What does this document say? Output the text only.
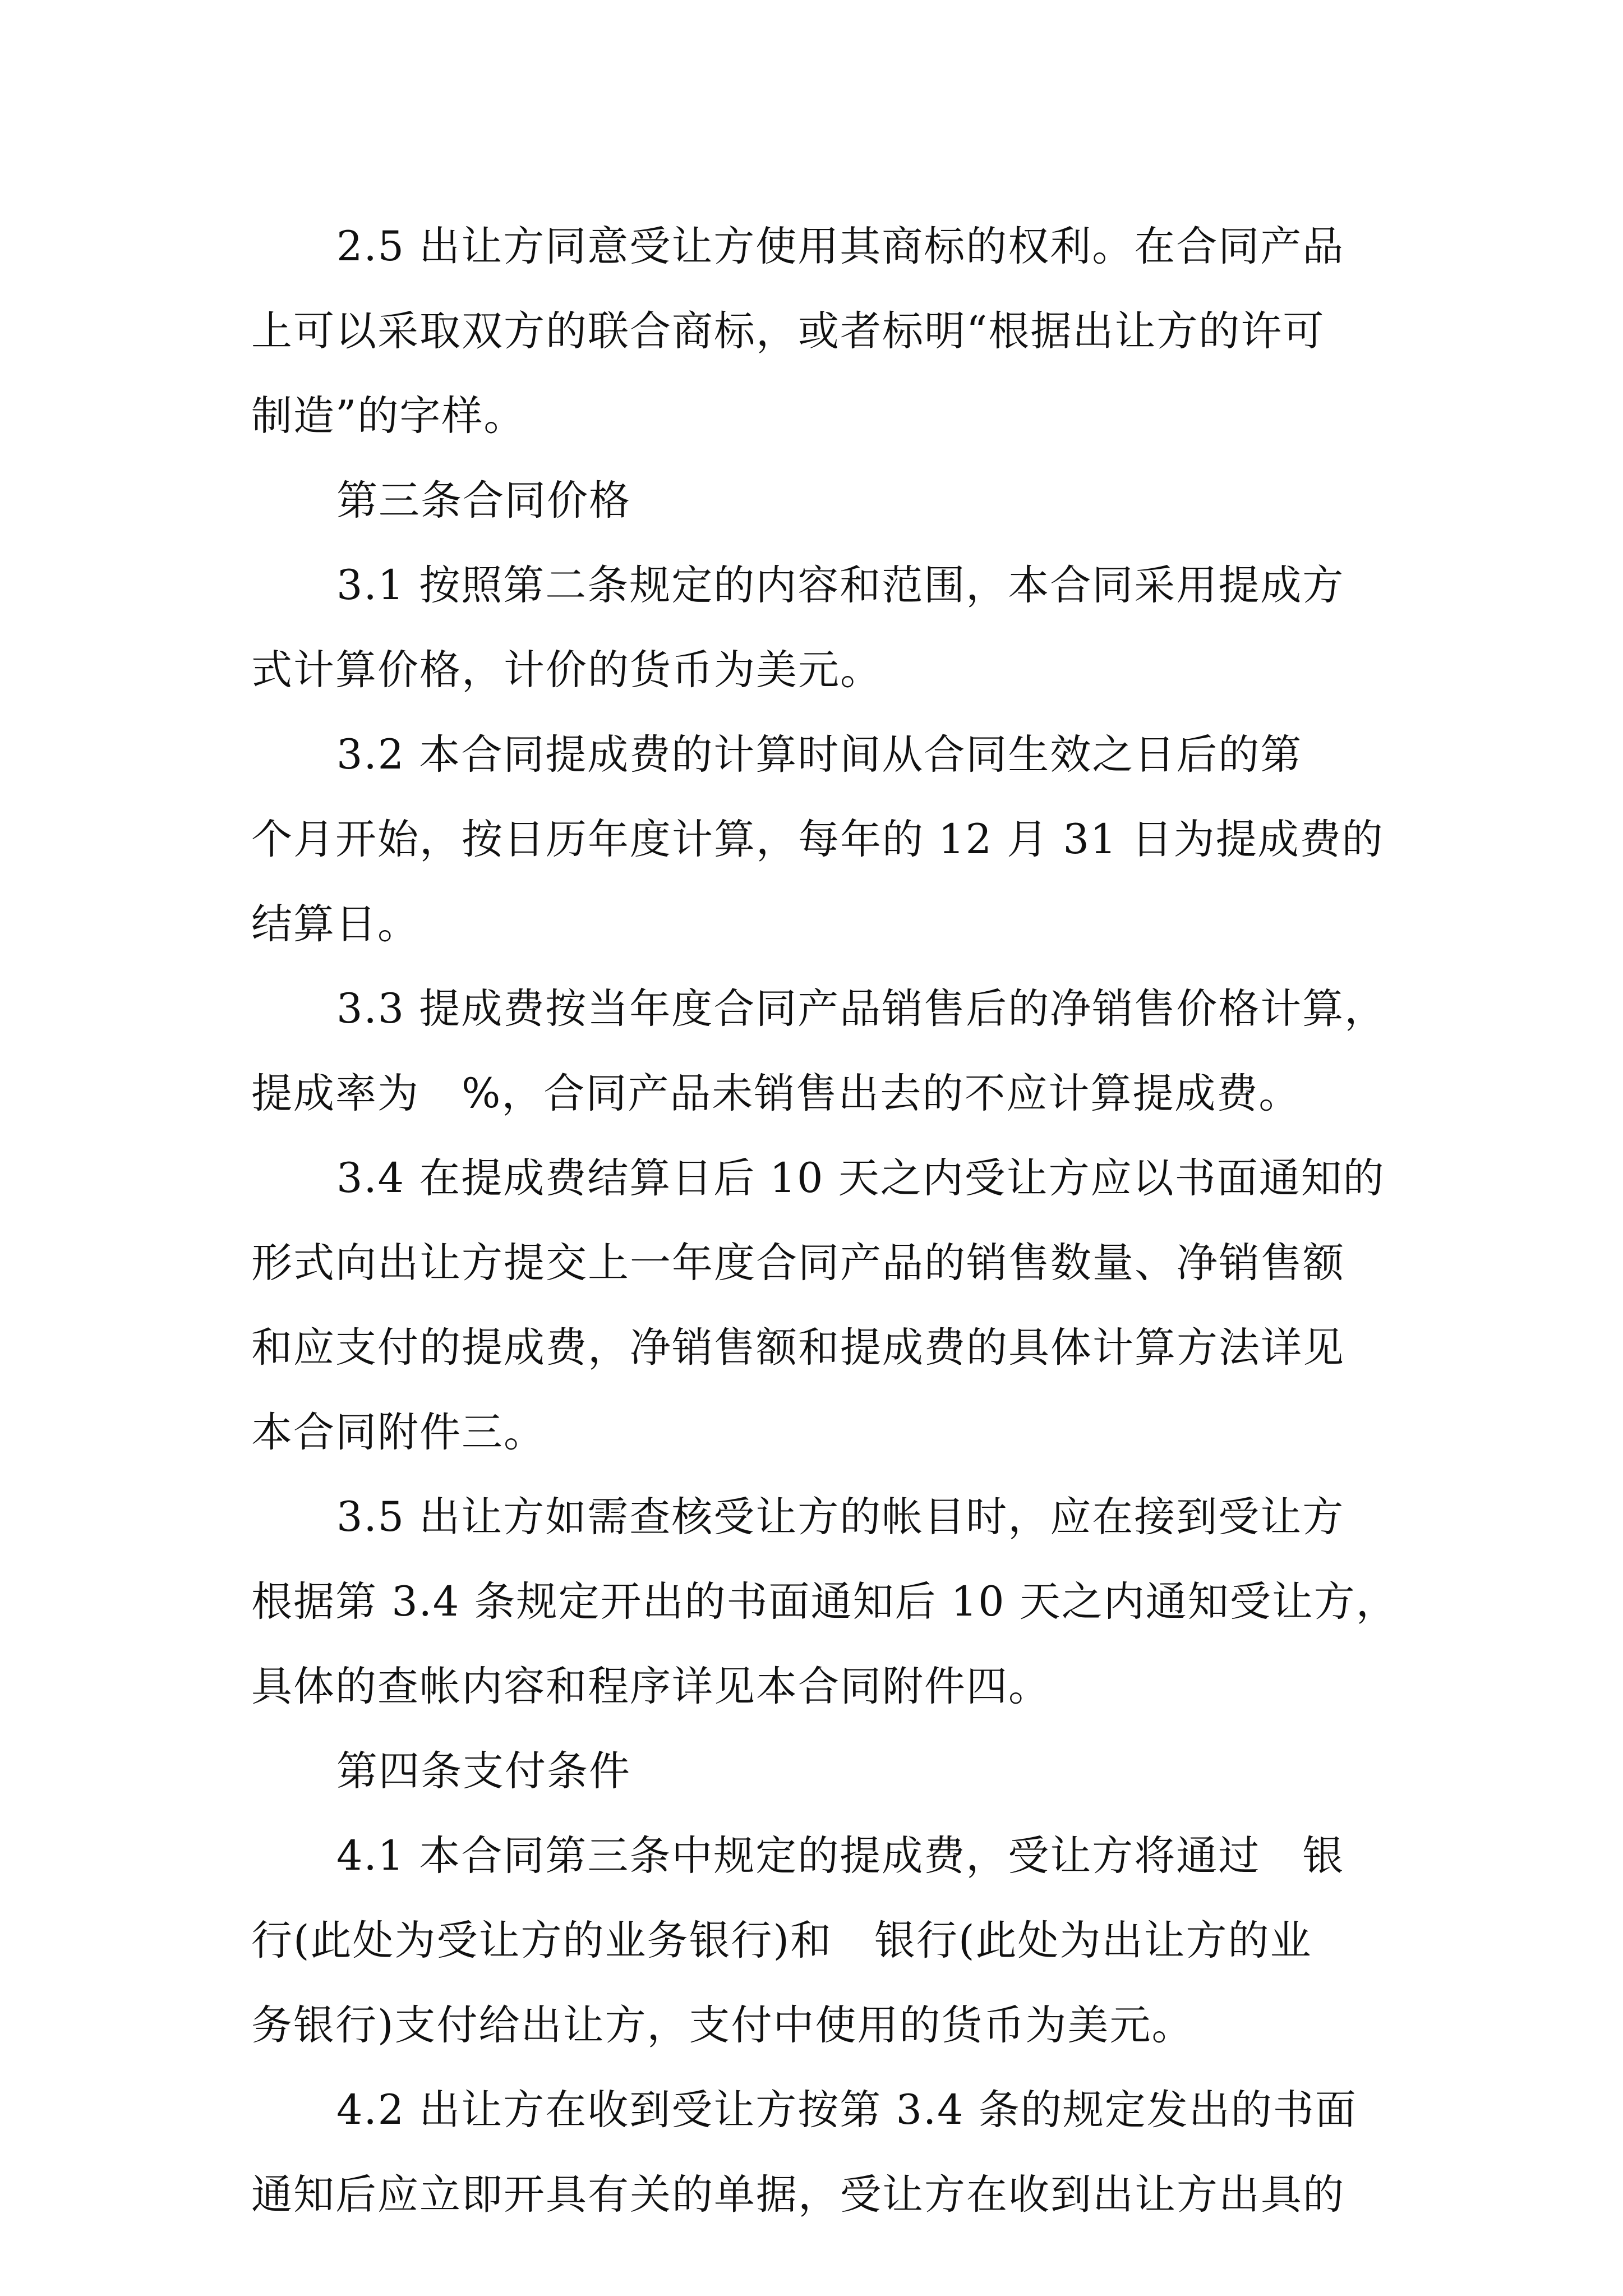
2.5 出让方同意受让方使用其商标的权利。在合同产品

上可以采取双方的联合商标，或者标明“根据出让方的许可

制造”的字样。

第三条合同价格

3.1 按照第二条规定的内容和范围，本合同采用提成方

式计算价格，计价的货币为美元。

3.2 本合同提成费的计算时间从合同生效之日后的第

个月开始，按日历年度计算，每年的 12 月 31 日为提成费的

结算日。

3.3 提成费按当年度合同产品销售后的净销售价格计算，

提成率为　%，合同产品未销售出去的不应计算提成费。

3.4 在提成费结算日后 10 天之内受让方应以书面通知的

形式向出让方提交上一年度合同产品的销售数量、净销售额

和应支付的提成费，净销售额和提成费的具体计算方法详见

本合同附件三。

3.5 出让方如需查核受让方的帐目时，应在接到受让方

根据第 3.4 条规定开出的书面通知后 10 天之内通知受让方，

具体的查帐内容和程序详见本合同附件四。

第四条支付条件

4.1 本合同第三条中规定的提成费，受让方将通过　银

行(此处为受让方的业务银行)和　银行(此处为出让方的业

务银行)支付给出让方，支付中使用的货币为美元。

4.2 出让方在收到受让方按第 3.4 条的规定发出的书面

通知后应立即开具有关的单据，受让方在收到出让方出具的
